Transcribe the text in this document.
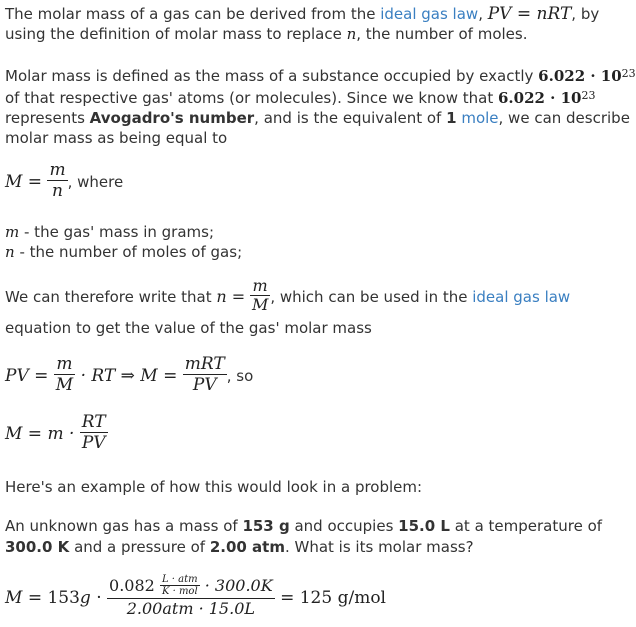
The molar mass of a gas can be derived from the ideal gas law, PV = nRT, by
using the definition of molar mass to replace n, the number of moles.
Molar mass is defined as the mass of a substance occupied by exactly $6.022 \cdot 10^{23}$
of that respective gas' atoms (or molecules). Since we know that $6.022 \cdot 10^{23}$
represents Avogadro's number, and is the equivalent of 1 mole, we can describe
molar mass as being equal to
$M = \frac{m}{n}$ , where
m - the gas' mass in grams;
n - the number of moles of gas;
We can therefore write that $n = \frac{m}{M}$ , which can be used in the ideal gas law
equation to get the value of the gas' molar mass
PV = $\frac{m}{M}$ · RT ⇒ $M = \frac{\text{mRT}}{PV}$ , so
$M = m \cdot \frac{RT}{PV}$
Here's an example of how this would look in a problem:
An unknown gas has a mass of 153 g and occupies 15.0 L at a temperature of
300.0 K and a pressure of 2.00 atm. What is its molar mass?
M = 153g ·
$0.082 \frac{\text{L · atm}}{\text{K · mol}} \cdot 300.0K$
2.00atm · 15.0L
= 125 g/mol
